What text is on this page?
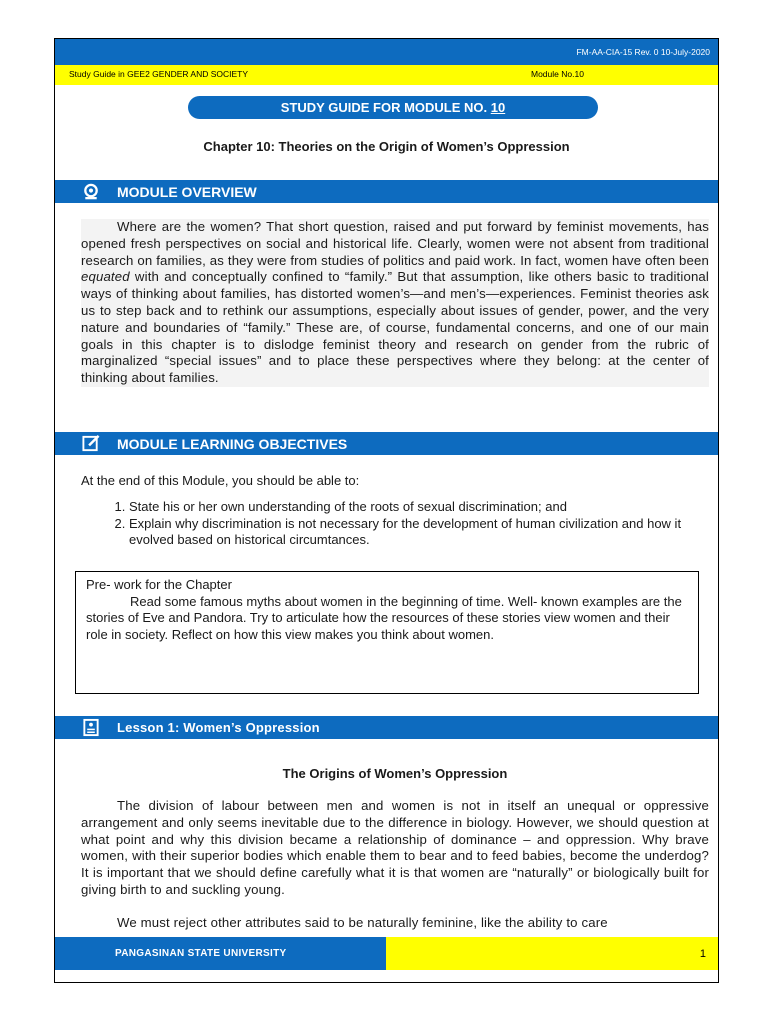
FM-AA-CIA-15 Rev. 0 10-July-2020
Study Guide in GEE2 GENDER AND SOCIETY	Module No.10
STUDY GUIDE FOR MODULE NO. 10
Chapter 10: Theories on the Origin of Women’s Oppression
MODULE OVERVIEW
Where are the women? That short question, raised and put forward by feminist movements, has opened fresh perspectives on social and historical life. Clearly, women were not absent from traditional research on families, as they were from studies of politics and paid work. In fact, women have often been equated with and conceptually confined to “family.” But that assumption, like others basic to traditional ways of thinking about families, has distorted women’s—and men’s—experiences. Feminist theories ask us to step back and to rethink our assumptions, especially about issues of gender, power, and the very nature and boundaries of “family.” These are, of course, fundamental concerns, and one of our main goals in this chapter is to dislodge feminist theory and research on gender from the rubric of marginalized “special issues” and to place these perspectives where they belong: at the center of thinking about families.
MODULE LEARNING OBJECTIVES
At the end of this Module, you should be able to:
1. State his or her own understanding of the roots of sexual discrimination; and
2. Explain why discrimination is not necessary for the development of human civilization and how it evolved based on historical circumtances.
Pre- work for the Chapter
Read some famous myths about women in the beginning of time. Well- known examples are the stories of Eve and Pandora. Try to articulate how the resources of these stories view women and their role in society. Reflect on how this view makes you think about women.
Lesson 1: Women’s Oppression
The Origins of Women’s Oppression
The division of labour between men and women is not in itself an unequal or oppressive arrangement and only seems inevitable due to the difference in biology. However, we should question at what point and why this division became a relationship of dominance – and oppression. Why brave women, with their superior bodies which enable them to bear and to feed babies, become the underdog? It is important that we should define carefully what it is that women are “naturally” or biologically built for giving birth to and suckling young.
We must reject other attributes said to be naturally feminine, like the ability to care
PANGASINAN STATE UNIVERSITY	1
